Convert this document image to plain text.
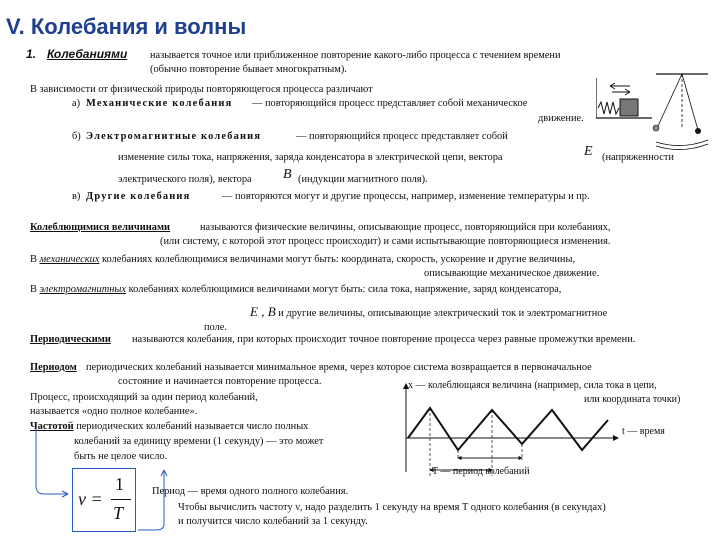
V. Колебания и волны
1. Колебаниями называется точное или приближенное повторение какого-либо процесса с течением времени
(обычно повторение бывает многократным).
В зависимости от физической природы повторяющегося процесса различают
а) Механические колебания — повторяющийся процесс представляет собой механическое
движение.
б) Электромагнитные колебания	— повторяющийся процесс представляет собой
изменение силы тока, напряжения, заряда конденсатора в электрической цепи, вектора	E (напряженности
электрического поля), вектора B (индукции магнитного поля).
в) Другие колебания	— повторяются могут и другие процессы, например, изменение температуры и пр.
Колеблющимися величинами	называются физические величины, описывающие процесс, повторяющийся при колебаниях,
(или систему, с которой этот процесс происходит) и сами испытывающие повторяющиеся изменения.
В механических колебаниях колеблющимися величинами могут быть: координата, скорость, ускорение и другие величины,
описывающие механическое движение.
В электромагнитных колебаниях колеблющимися величинами могут быть: сила тока, напряжение, заряд конденсатора,
E , B и другие величины, описывающие электрический ток и электромагнитное
поле.
Периодическими называются колебания, при которых происходит точное повторение процесса через равные промежутки времени.
Периодом периодических колебаний называется минимальное время, через которое система возвращается в первоначальное
состояние и начинается повторение процесса.
Процесс, происходящий за один период колебаний,
называется «одно полное колебание».
Частотой периодических колебаний называется число полных
колебаний за единицу времени (1 секунду) — это может
быть не целое число.
x — колеблющаяся величина (например, сила тока в цепи,
или координата точки)
t — время
T — период колебаний
ν =
1
T
Период — время одного полного колебания.
Чтобы вычислить частоту ν, надо разделить 1 секунду на время T одного колебания (в секундах)
и получится число колебаний за 1 секунду.
